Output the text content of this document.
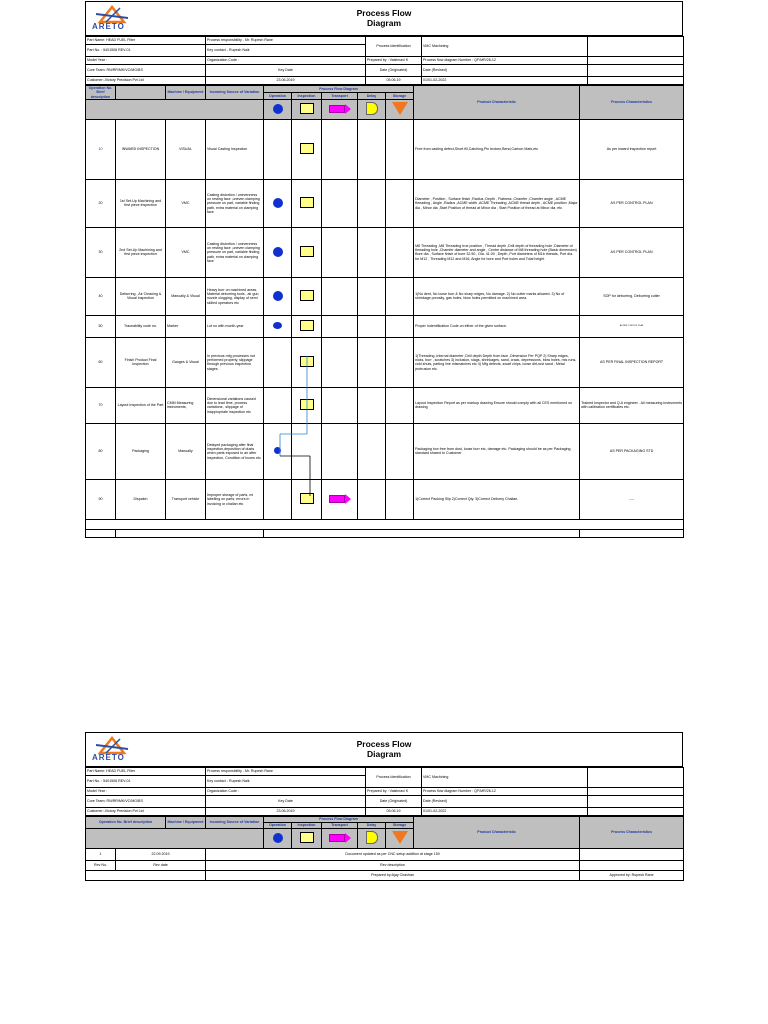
ARETO
Process Flow
Diagram
Part Name: HEAD FUEL Filter	Process responsibility - Mr. Rupesh Rane	Process Identification	VMC Machining	
Part No. : 5401508 REV-01	Key contact - Rupesh Naik			
Model Year :	Organization Code :	Prepared by : Vaishnavi K	Process flow diagram Number : QF/MR/26-12	
Core Team: RN/RR/MK/VC/MG/BS	Key Date	Date (Originated)	Date (Revised)	
Customer:-Victory Precision Pvt Ltd	23.06.2019	05.06.19	01/01-02-2022	
Operation No. Brief description		Machine / Equipment	Incoming Source of Variation	Process Flow Diagram					Product Characteristic	Process Characteristics
				Operation	Inspection	Transport	Delay	Storage		

10	INWARD INSPECTION	VISUAL	Visual Casting Inspection						Free from casting defect,Short fill,Catching,Pin broken,Bend,Carbon Mark,etc	As per inward inspection report
20	1st Set-Up Machining and first piece inspection	VMC	Casting distortion / unevenness on resting face ,uneven clamping pressure on part, variable finding path, extra material on clamping face						Diameter , Position , Surface finish ,Radius ,Depth , Flatness ,Chamfer ,Chamfer angle , ACME threading , Angle ,Radius ,ACME width ,ACME Threading ,ACME thread depth , ACME position ,Major dia , Minor dia ,Start Position of thread at Minor dia , Start Position of thread at Minor dia. etc	AS PER CONTROL PLAN
30	2nd Set-Up Machining and first piece inspection	VMC	Casting distortion / unevenness on resting face ,uneven clamping pressure on part, variable finding path, extra material on clamping face						M8 Threading ,M8 Threading true position , Thread depth ,Drill depth of threading hole ,Diameter of threading hole ,Chamfer diameter and angle , Centre distance of M8 threading hole (Basic dimension) Bore dia , Surface finish of bore 32.50 , Dia. 41.00 , Depth ,Port diameters of M1b threads, Port dia. for M12 , Threading M12 and M16, Angle for bore and Port holes and Total height	AS PER CONTROL PLAN
40	Deburring , Air Cleaning & Visual inspection	Manually & Visual	Heavy burr on machined areas, Material deburring tools , air gun nozzle clogging, display of semi skilled operators etc						1)No dent, No loose burr & No sharp edges, No damage. 2) No cutter marks allowed. 3) No of shrinkage porosity, gas holes, blow holes permitted on machined area.	SOP for deburring, Deburring cutter
50	Traceability code no.	Marker	Lot no with month-year						Proper Indentification Code on either of the given surface.	AS PER CONTROL PLAN
60	Finish Product Final Inspection	Gauges & Visual	In previous mfg processes not performed properly, slippage through previous inspection stages.						1)Threading ,Internal diameter ,Drill depth Depth from face ,Dimension Per PQP 2) Sharp edges, nicks, burr , scratches 3) inclusion, slags, shrinkages, sand, crack, depressions, blow holes, mis runs, cold shuts, parting line mismatches etc 4) Mfg defects, swarf chips, loose dirt,rust sand , Metal protrusion etc.	AS PER FINAL INSPECTION REPORT
70	Layout Inspection of the Part	CMM Measuring instruments,	Dimensional variations caused due to lead time, process variations , slippage of inappropriate inspection etc						Layout Inspection Report as per markup drawing Ensure should comply with all CES mentioned on drawing	Trained Inspector and Q.A engineer . All measuring instruments with calibration certificates etc.
80	Packaging	Manually	Delayed packaging after final inspection,deposition of dusts when parts exposed to air after inspection, Condition of boxes etc						Packaging box free from dust, loose burr etc, damage etc. Packaging should be as per Packaging standard shared to Customer	AS PER PACKAGING STD
90	Dispatch	Transport vehicle	Improper storage of parts, mi labelling on parts, errors in invoicing or challan etc						1)Correct Packing Slip 2)Correct Qty. 3)Correct Delivery Challan.	----

ARETO
Process Flow
Diagram
Part Name: HEAD FUEL Filter	Process responsibility - Mr. Rupesh Rane	Process Identification	VMC Machining	
Part No. : 5401508 REV-01	Key contact - Rupesh Naik			
Model Year :	Organization Code :	Prepared by : Vaishnavi K	Process flow diagram Number : QF/MR/26-12	
Core Team: RN/RR/MK/VC/MG/BS	Key Date	Date (Originated)	Date (Revised)	
Customer:-Victory Precision Pvt Ltd	23.06.2019	05.06.19	01/01-02-2022	
Operation No. Brief description		Machine / Equipment	Incoming Source of Variation	Process Flow Diagram					Product Characteristic	Process Characteristics
				Operation	Inspection	Transport	Delay	Storage		

1	22.09.2019		Document updated as per CNC setup addition at stage 150							
Rev No.	Rev date		Rev description							
			Prepared by:Ajay Chavhan							Approved by: Rupesh Rane
